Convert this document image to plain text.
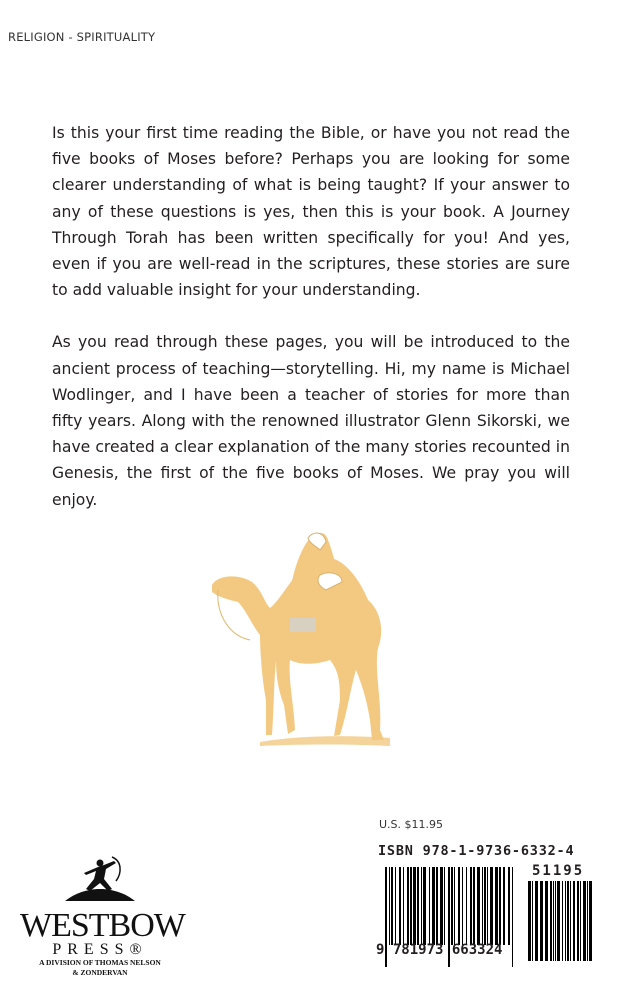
RELIGION - SPIRITUALITY

Is this your first time reading the Bible, or have you not read the five books of Moses before? Perhaps you are looking for some clearer understanding of what is being taught? If your answer to any of these questions is yes, then this is your book. A Journey Through Torah has been written specifically for you! And yes, even if you are well-read in the scriptures, these stories are sure to add valuable insight for your understanding.

As you read through these pages, you will be introduced to the ancient process of teaching—storytelling. Hi, my name is Michael Wodlinger, and I have been a teacher of stories for more than fifty years. Along with the renowned illustrator Glenn Sikorski, we have created a clear explanation of the many stories recounted in Genesis, the first of the five books of Moses. We pray you will enjoy.

WESTBOW
PRESS®
A DIVISION OF THOMAS NELSON
& ZONDERVAN
U.S. $11.95
ISBN 978-1-9736-6332-4
51195
9 781973 663324
